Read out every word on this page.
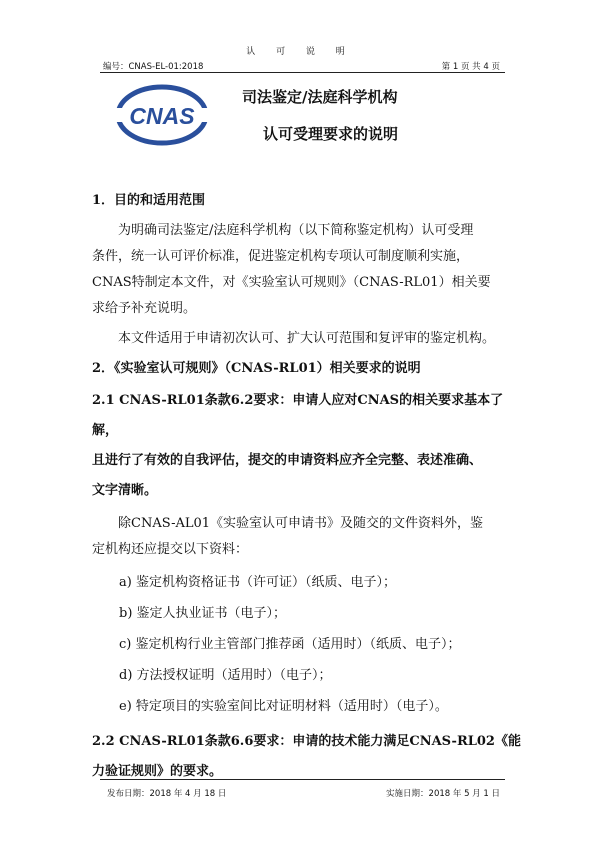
认 可 说 明
编号：CNAS-EL-01:2018	第 1 页 共 4 页
CNAS
司法鉴定/法庭科学机构
认可受理要求的说明

1．目的和适用范围

为明确司法鉴定/法庭科学机构（以下简称鉴定机构）认可受理

条件，统一认可评价标准，促进鉴定机构专项认可制度顺利实施，

CNAS特制定本文件，对《实验室认可规则》（CNAS-RL01）相关要

求给予补充说明。

本文件适用于申请初次认可、扩大认可范围和复评审的鉴定机构。

2．《实验室认可规则》（CNAS-RL01）相关要求的说明

2.1 CNAS-RL01条款6.2要求：申请人应对CNAS的相关要求基本了解，

且进行了有效的自我评估，提交的申请资料应齐全完整、表述准确、

文字清晰。

除CNAS-AL01《实验室认可申请书》及随交的文件资料外，鉴

定机构还应提交以下资料：

a) 鉴定机构资格证书（许可证）（纸质、电子）；

b) 鉴定人执业证书（电子）；

c) 鉴定机构行业主管部门推荐函（适用时）（纸质、电子）；

d) 方法授权证明（适用时）（电子）；

e) 特定项目的实验室间比对证明材料（适用时）（电子）。

2.2 CNAS-RL01条款6.6要求：申请的技术能力满足CNAS-RL02《能

力验证规则》的要求。

发布日期：2018 年 4 月 18 日	实施日期：2018 年 5 月 1 日
